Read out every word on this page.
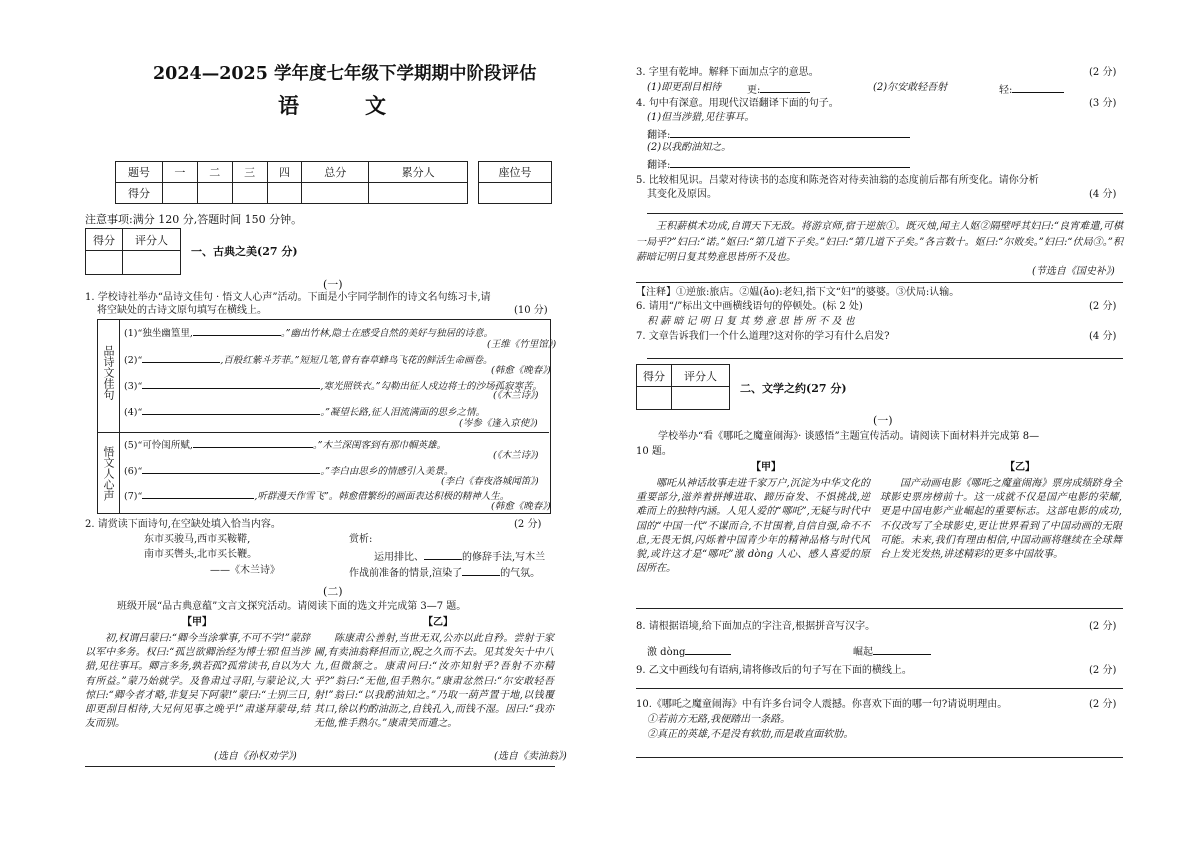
2024—2025 学年度七年级下学期期中阶段评估
语　　文
题号	一	二	三	四	总分	累分人
得分						
座位号

注意事项:满分 120 分,答题时间 150 分钟。
得分	评分人

一、古典之美(27 分)
(一)
1. 学校诗社举办“品诗文佳句 · 悟文人心声”活动。下面是小宇同学制作的诗文名句练习卡,请
将空缺处的古诗文原句填写在横线上。	(10 分)
品诗文佳句
悟文人心声
(1)“独坐幽篁里,	。”幽出竹林,隐士在感受自然的美好与独居的诗意。
(王维《竹里馆》)
(2)“	,百般红紫斗芳菲。”短短几笔,曾有春草蜂鸟飞花的鲜活生命画卷。
(韩愈《晚春》)
(3)“	,寒光照铁衣。”勾勒出征人戍边将士的沙场孤寂寒苦。
(《木兰诗》)
(4)“	。”凝望长路,征人泪流满面的思乡之情。
(岑参《逢入京使》)
(5)“可怜闺所赋,	。”木兰深闺客到有那巾帼英雄。
(《木兰诗》)
(6)“	。”李白由思乡的情感引入美景。
(李白《春夜洛城闻笛》)
(7)“	,听群漫天作雪飞”。韩愈借繁纷的画面表达积极的精神人生。
(韩愈《晚春》)
2. 请赏读下面诗句,在空缺处填入恰当内容。	(2 分)
东市买骏马,西市买鞍鞯,
南市买辔头,北市买长鞭。
——《木兰诗》
赏析:
运用排比、	的修辞手法,写木兰
作战前准备的情景,渲染了	的气氛。
(二)
班级开展“品古典意蕴”文言文探究活动。请阅读下面的选文并完成第 3—7 题。
【甲】	【乙】
初,权谓吕蒙曰:“卿今当涂掌事,不可不学!”蒙辞以军中多务。权曰:“孤岂欲卿治经为博士邪!但当涉猎,见往事耳。卿言多务,孰若孤?孤常读书,自以为大有所益。”蒙乃始就学。及鲁肃过寻阳,与蒙论议,大惊曰:“卿今者才略,非复吴下阿蒙!”蒙曰:“士别三日,即更刮目相待,大兄何见事之晚乎!”肃遂拜蒙母,结友而别。
陈康肃公善射,当世无双,公亦以此自矜。尝射于家圃,有卖油翁释担而立,睨之久而不去。见其发矢十中八九,但微颔之。康肃问曰:“汝亦知射乎?吾射不亦精乎?”翁曰:“无他,但手熟尔。”康肃忿然曰:“尔安敢轻吾射!”翁曰:“以我酌油知之。”乃取一葫芦置于地,以钱覆其口,徐以杓酌油沥之,自钱孔入,而钱不湿。因曰:“我亦无他,惟手熟尔。”康肃笑而遣之。
(选自《孙权劝学》)	(选自《卖油翁》)
3. 字里有乾坤。解释下面加点字的意思。	(2 分)
(1)即更刮目相待	更:	(2)尔安敢轻吾射	轻:
4. 句中有深意。用现代汉语翻译下面的句子。	(3 分)
(1)但当涉猎,见往事耳。
翻译:
(2)以我酌油知之。
翻译:
5. 比较相见识。吕蒙对待读书的态度和陈尧咨对待卖油翁的态度前后都有所变化。请你分析
其变化及原因。	(4 分)
王积薪棋术功成,自谓天下无敌。将游京师,宿于逆旅①。既灭烛,闻主人妪②隔壁呼其妇曰:“良宵难遣,可棋一局乎?”妇曰:“诺。”妪曰:“第几道下子矣。”妇曰:“第几道下子矣。”各言数十。妪曰:“尔败矣。”妇曰:“伏局③。”积薪暗记明日复其势意思皆所不及也。
(节选自《国史补》)
【注释】①逆旅:旅店。②媪(ǎo):老妇,指下文“妇”的婆婆。③伏局:认输。
6. 请用“/”标出文中画横线语句的停顿处。(标 2 处)	(2 分)
积 薪 暗 记 明 日 复 其 势 意 思 皆 所 不 及 也
7. 文章告诉我们一个什么道理?这对你的学习有什么启发?	(4 分)
得分	评分人

二、文学之约(27 分)
(一)
学校举办“看《哪吒之魔童闹海》· 谈感悟”主题宣传活动。请阅读下面材料并完成第 8—
10 题。
【甲】	【乙】
哪吒从神话故事走进千家万户,沉淀为中华文化的重要部分,滋养着拼搏进取、蹄历奋发、不惧挑战,逆难而上的独特内涵。人见人爱的“哪吒”,无疑与时代中国的“中国一代”不谋而合,不甘围着,自信自强,命不不息,无畏无惧,闪烁着中国青少年的精神品格与时代风貌,或许这才是“哪吒”激 dòng 人心、感人喜爱的原因所在。
国产动画电影《哪吒之魔童闹海》票房成绩跻身全球影史票房榜前十。这一成就不仅是国产电影的荣耀,更是中国电影产业崛起的重要标志。这部电影的成功,不仅改写了全球影史,更让世界看到了中国动画的无限可能。未来,我们有理由相信,中国动画将继续在全球舞台上发光发热,讲述精彩的更多中国故事。
8. 请根据语境,给下面加点的字注音,根据拼音写汉字。	(2 分)
激 dòng	崛起
9. 乙文中画线句有语病,请将修改后的句子写在下面的横线上。	(2 分)
10.《哪吒之魔童闹海》中有许多台词令人震撼。你喜欢下面的哪一句?请说明理由。	(2 分)
①若前方无路,我便踏出一条路。
②真正的英雄,不是没有软肋,而是敢直面软肋。
